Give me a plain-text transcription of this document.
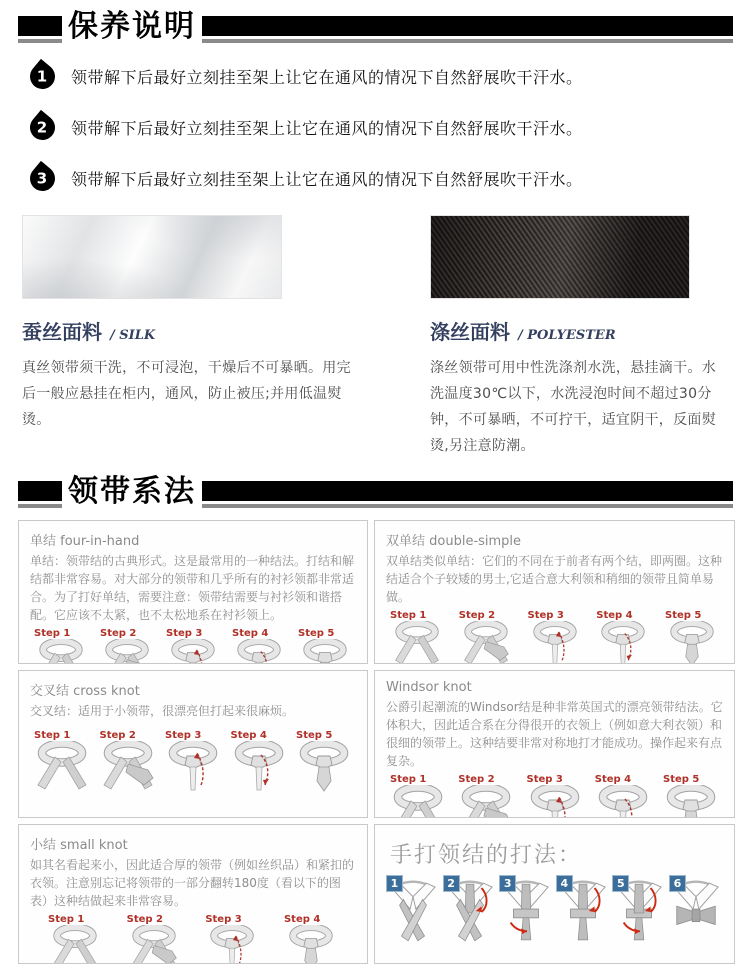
保养说明
1 领带解下后最好立刻挂至架上让它在通风的情况下自然舒展吹干汗水。
2 领带解下后最好立刻挂至架上让它在通风的情况下自然舒展吹干汗水。
3 领带解下后最好立刻挂至架上让它在通风的情况下自然舒展吹干汗水。
蚕丝面料 / SILK
真丝领带须干洗，不可浸泡，干燥后不可暴晒。用完后一般应悬挂在柜内，通风，防止被压;并用低温熨烫。
涤丝面料 / POLYESTER
涤丝领带可用中性洗涤剂水洗，悬挂滴干。水洗温度30℃以下，水洗浸泡时间不超过30分钟，不可暴晒，不可拧干，适宜阴干，反面熨烫,另注意防潮。
领带系法
单结 four-in-hand
单结：领带结的古典形式。这是最常用的一种结法。打结和解结都非常容易。对大部分的领带和几乎所有的衬衫领都非常适合。为了打好单结，需要注意：领带结需要与衬衫领和谐搭配。它应该不太紧，也不太松地系在衬衫领上。
Step 1	Step 2	Step 3	Step 4	Step 5
双单结 double-simple
双单结类似单结：它们的不同在于前者有两个结，即两圈。这种结适合个子较矮的男士,它适合意大利领和稍细的领带且简单易做。
Step 1	Step 2	Step 3	Step 4	Step 5
交叉结 cross knot
交叉结：适用于小领带，很漂亮但打起来很麻烦。
Step 1	Step 2	Step 3	Step 4	Step 5
Windsor knot
公爵引起潮流的Windsor结是种非常英国式的漂亮领带结法。它体积大，因此适合系在分得很开的衣领上（例如意大利衣领）和很细的领带上。这种结要非常对称地打才能成功。操作起来有点复杂。
Step 1	Step 2	Step 3	Step 4	Step 5
小结 small knot
如其名看起来小，因此适合厚的领带（例如丝织品）和紧扣的衣领。注意别忘记将领带的一部分翻转180度（看以下的图表）这种结做起来非常容易。
Step 1	Step 2	Step 3	Step 4
手打领结的打法：
1	2	3	4	5	6
